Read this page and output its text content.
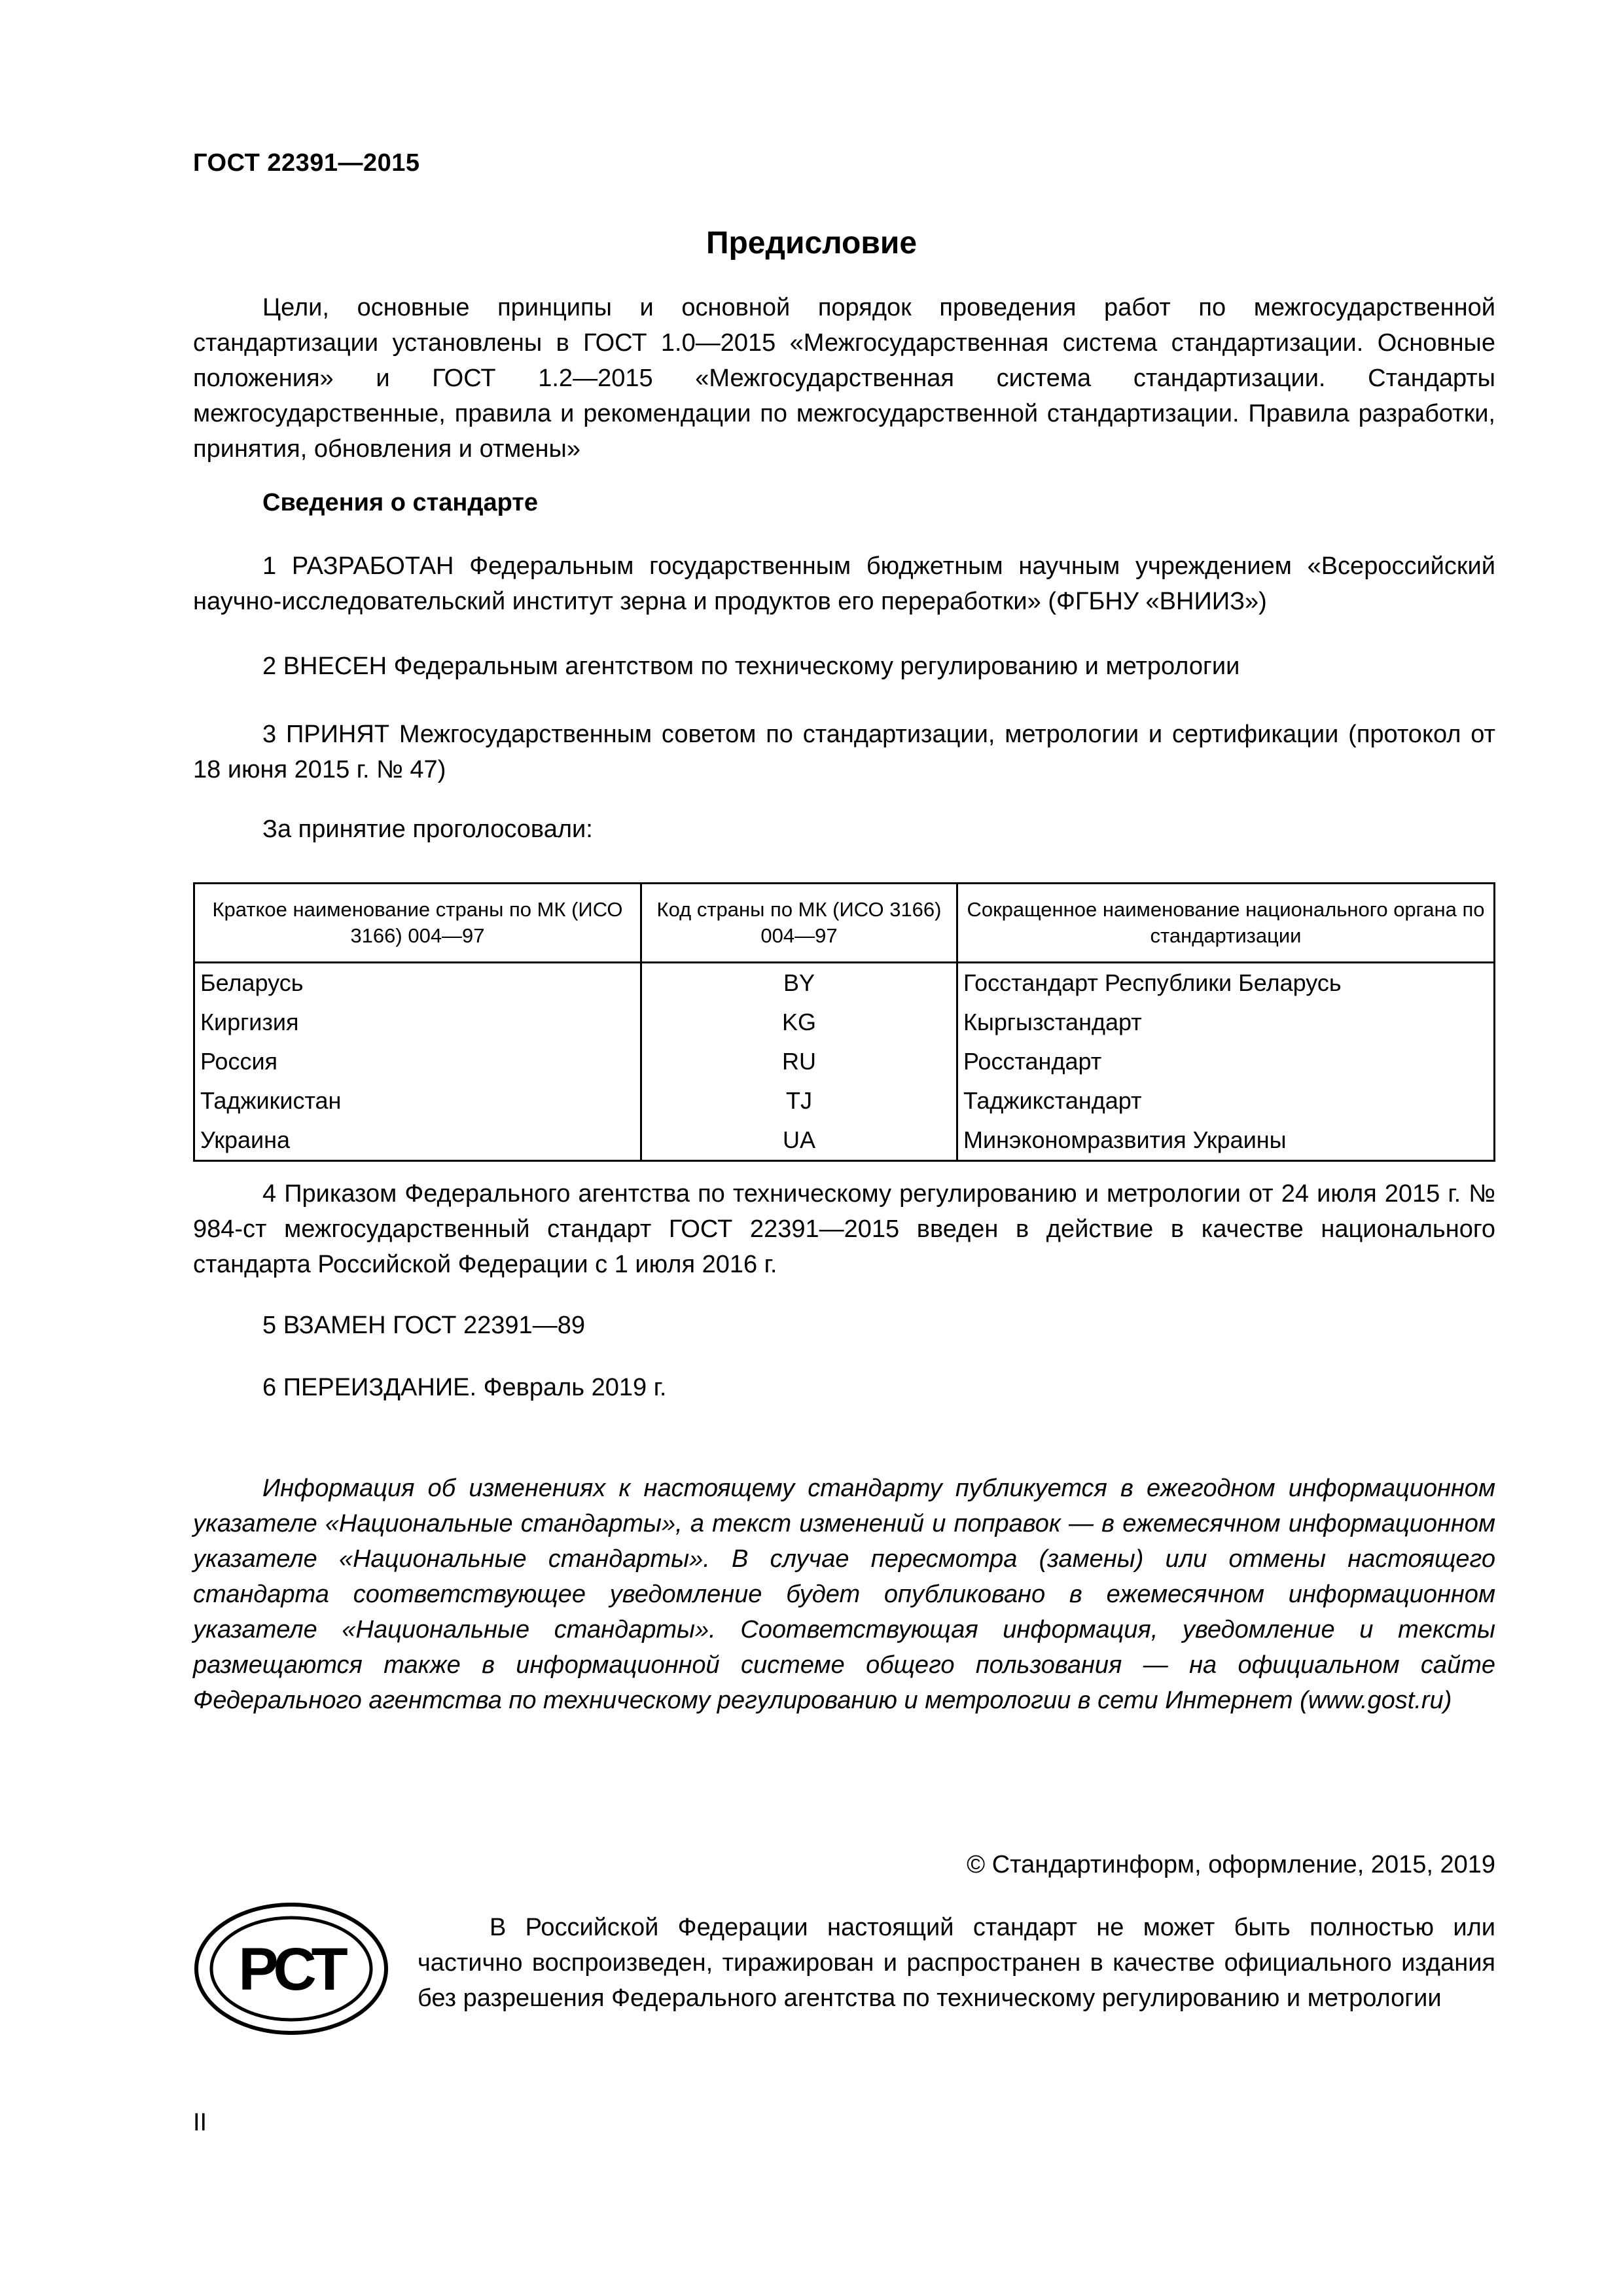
ГОСТ 22391—2015
Предисловие
Цели, основные принципы и основной порядок проведения работ по межгосударственной стандартизации установлены в ГОСТ 1.0—2015 «Межгосударственная система стандартизации. Основные положения» и ГОСТ 1.2—2015 «Межгосударственная система стандартизации. Стандарты межгосударственные, правила и рекомендации по межгосударственной стандартизации. Правила разработки, принятия, обновления и отмены»
Сведения о стандарте
1 РАЗРАБОТАН Федеральным государственным бюджетным научным учреждением «Всероссийский научно-исследовательский институт зерна и продуктов его переработки» (ФГБНУ «ВНИИЗ»)
2 ВНЕСЕН Федеральным агентством по техническому регулированию и метрологии
3 ПРИНЯТ Межгосударственным советом по стандартизации, метрологии и сертификации (протокол от 18 июня 2015 г. № 47)
За принятие проголосовали:
Краткое наименование страны по МК (ИСО 3166) 004—97	Код страны по МК (ИСО 3166) 004—97	Сокращенное наименование национального органа по стандартизации
Беларусь	BY	Госстандарт Республики Беларусь
Киргизия	KG	Кыргызстандарт
Россия	RU	Росстандарт
Таджикистан	TJ	Таджикстандарт
Украина	UA	Минэкономразвития Украины
4 Приказом Федерального агентства по техническому регулированию и метрологии от 24 июля 2015 г. № 984-ст межгосударственный стандарт ГОСТ 22391—2015 введен в действие в качестве национального стандарта Российской Федерации с 1 июля 2016 г.
5 ВЗАМЕН ГОСТ 22391—89
6 ПЕРЕИЗДАНИЕ. Февраль 2019 г.
Информация об изменениях к настоящему стандарту публикуется в ежегодном информационном указателе «Национальные стандарты», а текст изменений и поправок — в ежемесячном информационном указателе «Национальные стандарты». В случае пересмотра (замены) или отмены настоящего стандарта соответствующее уведомление будет опубликовано в ежемесячном информационном указателе «Национальные стандарты». Соответствующая информация, уведомление и тексты размещаются также в информационной системе общего пользования — на официальном сайте Федерального агентства по техническому регулированию и метрологии в сети Интернет (www.gost.ru)
© Стандартинформ, оформление, 2015, 2019
РСТ
В Российской Федерации настоящий стандарт не может быть полностью или частично воспроизведен, тиражирован и распространен в качестве официального издания без разрешения Федерального агентства по техническому регулированию и метрологии
II
